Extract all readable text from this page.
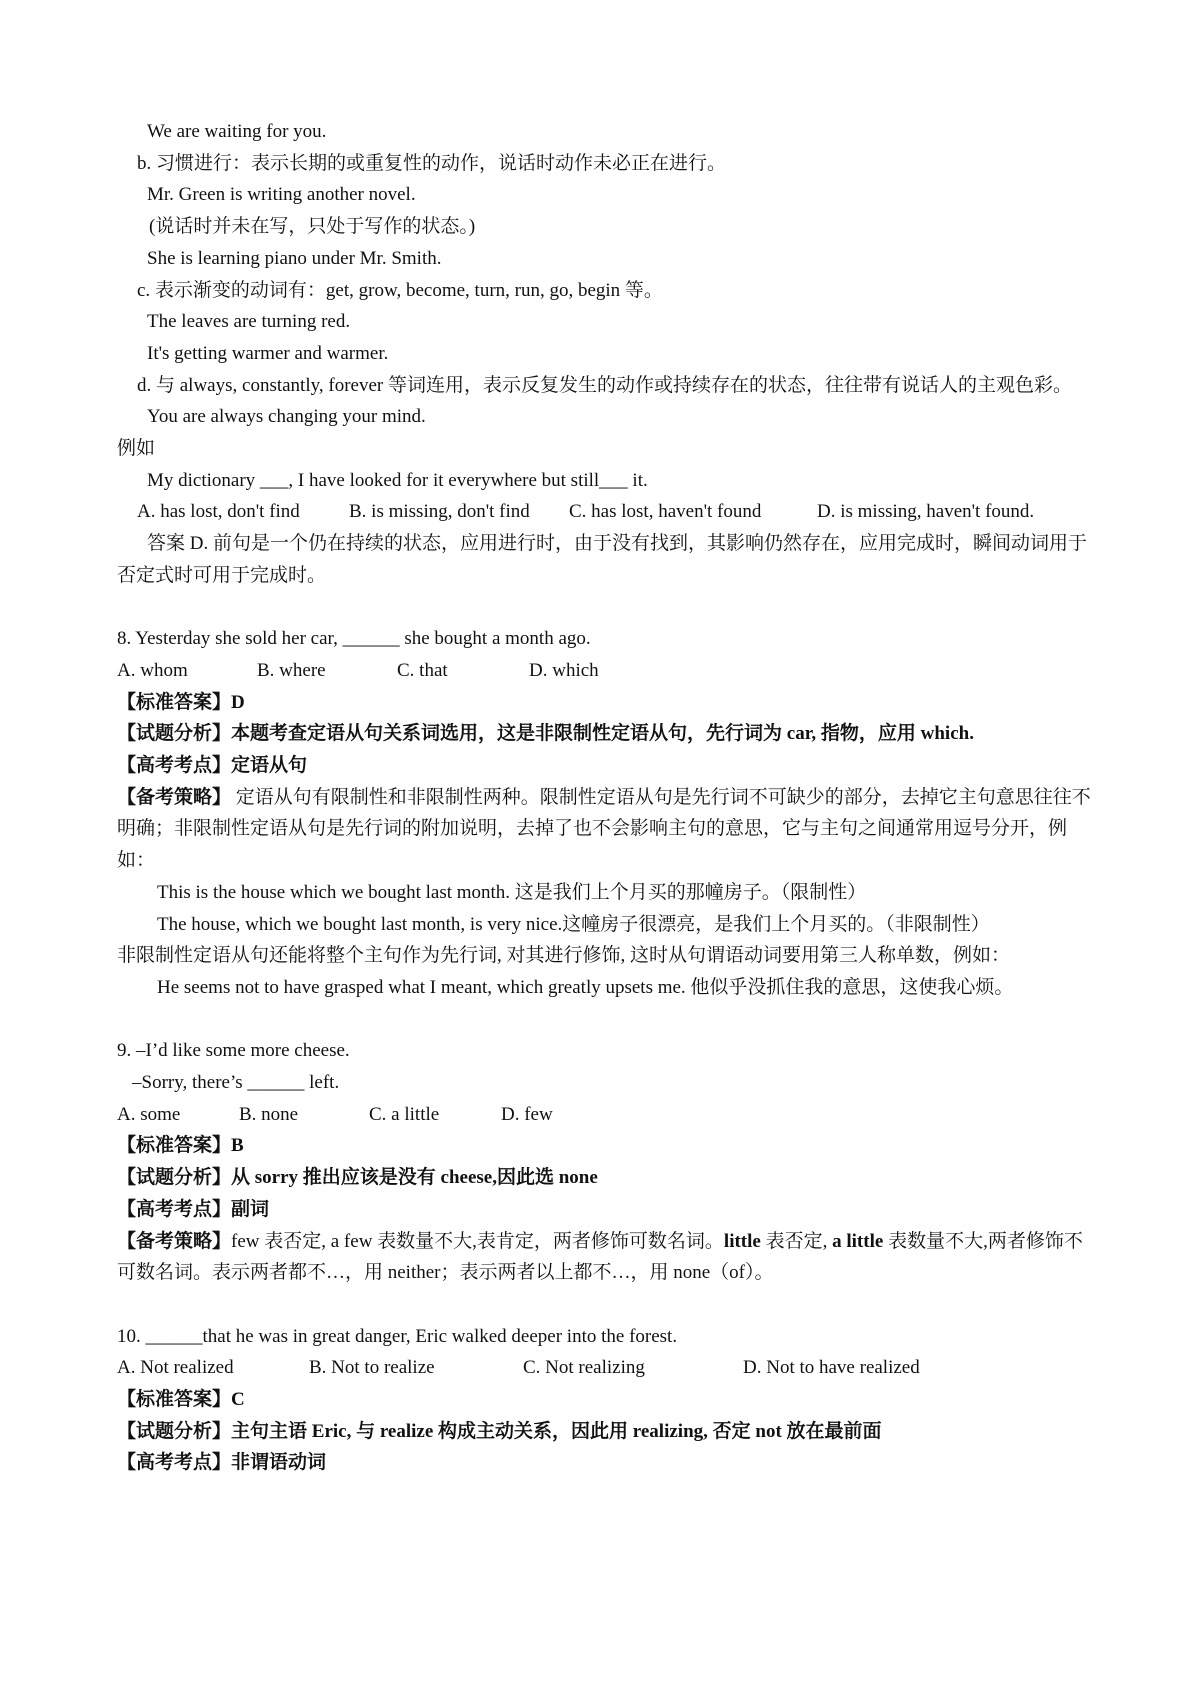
We are waiting for you.
b. 习惯进行：表示长期的或重复性的动作，说话时动作未必正在进行。
Mr. Green is writing another novel.
(说话时并未在写，只处于写作的状态。)
She is learning piano under Mr. Smith.
c. 表示渐变的动词有：get, grow, become, turn, run, go, begin 等。
The leaves are turning red.
It's getting warmer and warmer.
d. 与 always, constantly, forever 等词连用，表示反复发生的动作或持续存在的状态，往往带有说话人的主观色彩。
You are always changing your mind.
例如
My dictionary ___, I have looked for it everywhere but still___ it.
A. has lost, don't find	B. is missing, don't find C. has lost, haven't found	D. is missing, haven't found.
答案 D. 前句是一个仍在持续的状态，应用进行时，由于没有找到，其影响仍然存在，应用完成时，瞬间动词用于否定式时可用于完成时。
8. Yesterday she sold her car, ______ she bought a month ago.
A. whom	B. where	C. that	D. which
【标准答案】D
【试题分析】本题考查定语从句关系词选用，这是非限制性定语从句，先行词为 car, 指物，应用 which.
【高考考点】定语从句
【备考策略】 定语从句有限制性和非限制性两种。限制性定语从句是先行词不可缺少的部分，去掉它主句意思往往不明确；非限制性定语从句是先行词的附加说明，去掉了也不会影响主句的意思，它与主句之间通常用逗号分开，例如：
This is the house which we bought last month. 这是我们上个月买的那幢房子。（限制性）
The house, which we bought last month, is very nice.这幢房子很漂亮，是我们上个月买的。（非限制性）
非限制性定语从句还能将整个主句作为先行词, 对其进行修饰, 这时从句谓语动词要用第三人称单数，例如：
He seems not to have grasped what I meant, which greatly upsets me. 他似乎没抓住我的意思，这使我心烦。
9. –I’d like some more cheese.
–Sorry, there’s ______ left.
A. some	B. none	C. a little	D. few
【标准答案】B
【试题分析】从 sorry 推出应该是没有 cheese,因此选 none
【高考考点】副词
【备考策略】few 表否定, a few 表数量不大,表肯定，两者修饰可数名词。little 表否定, a little 表数量不大,两者修饰不可数名词。表示两者都不…，用 neither；表示两者以上都不…，用 none（of）。
10. ______that he was in great danger, Eric walked deeper into the forest.
A. Not realized	B. Not to realize	C. Not realizing	D. Not to have realized
【标准答案】C
【试题分析】主句主语 Eric, 与 realize 构成主动关系，因此用 realizing, 否定 not 放在最前面
【高考考点】非谓语动词
